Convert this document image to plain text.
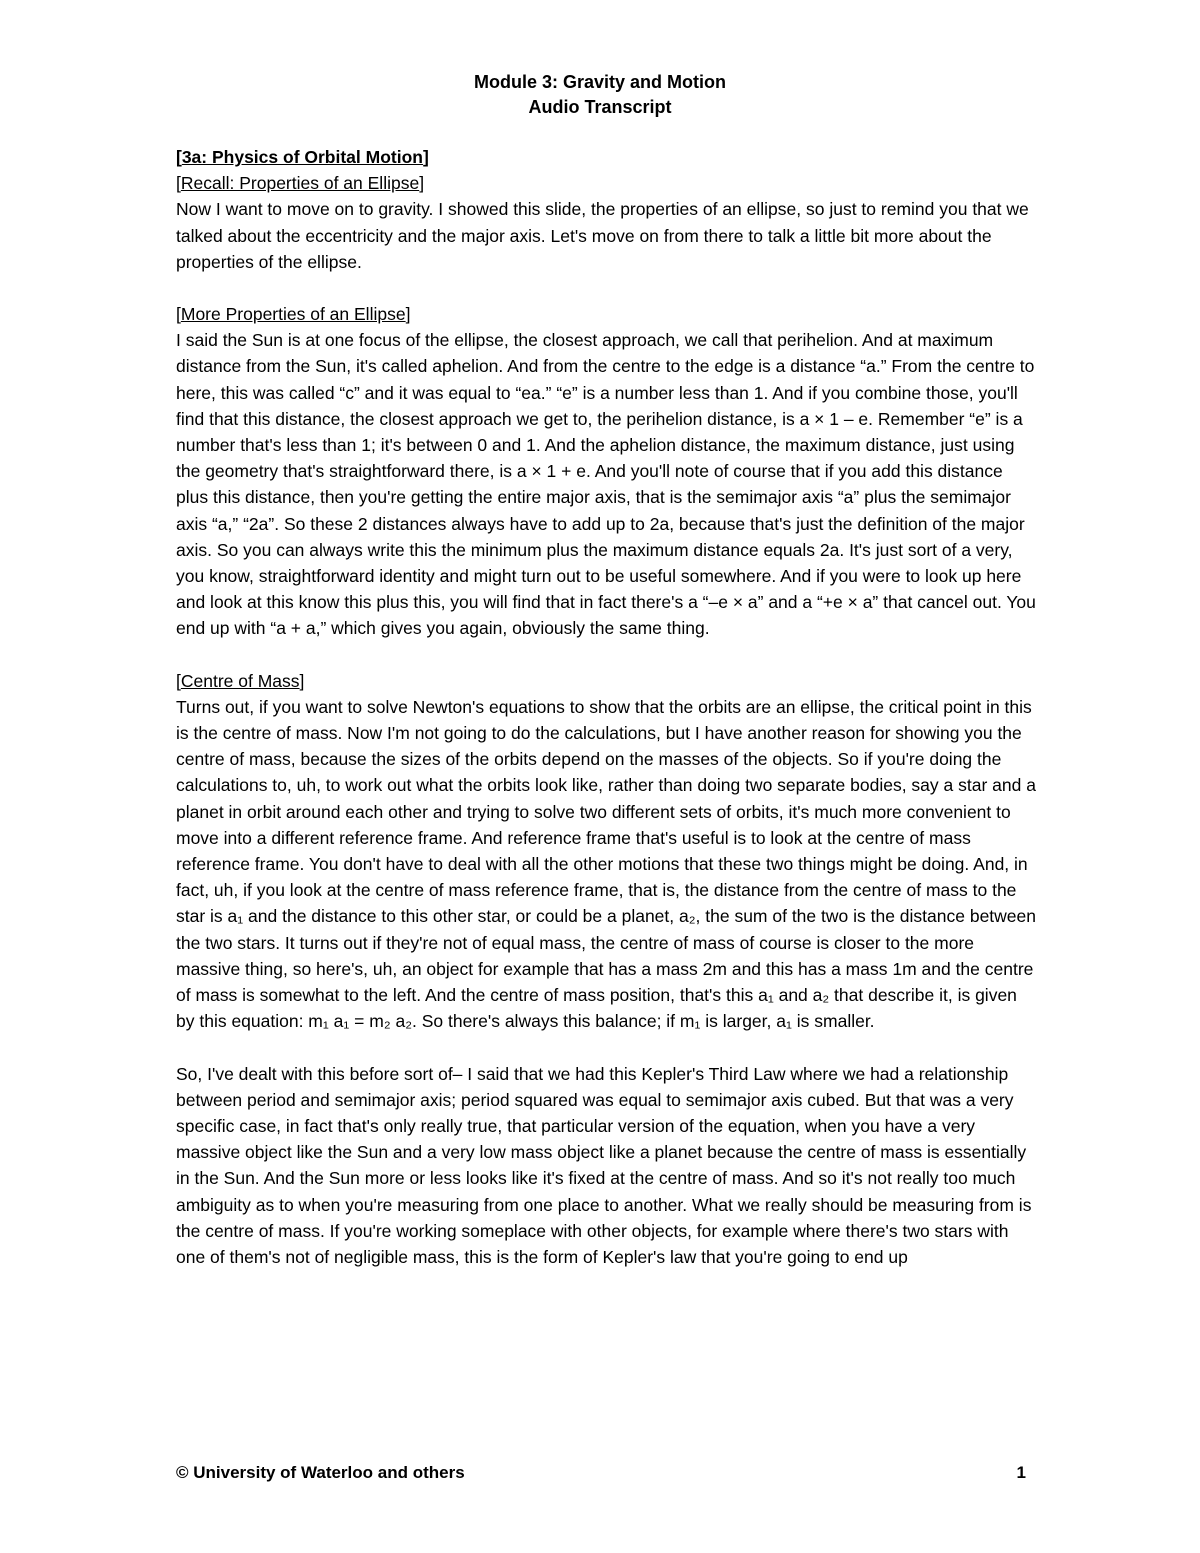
Module 3: Gravity and Motion
Audio Transcript

[3a: Physics of Orbital Motion]

[Recall: Properties of an Ellipse]

Now I want to move on to gravity. I showed this slide, the properties of an ellipse, so just to remind you that we talked about the eccentricity and the major axis. Let's move on from there to talk a little bit more about the properties of the ellipse.

[More Properties of an Ellipse]

I said the Sun is at one focus of the ellipse, the closest approach, we call that perihelion. And at maximum distance from the Sun, it's called aphelion. And from the centre to the edge is a distance “a.” From the centre to here, this was called “c” and it was equal to “ea.” “e” is a number less than 1. And if you combine those, you'll find that this distance, the closest approach we get to, the perihelion distance, is a × 1 – e. Remember “e” is a number that's less than 1; it's between 0 and 1. And the aphelion distance, the maximum distance, just using the geometry that's straightforward there, is a × 1 + e. And you'll note of course that if you add this distance plus this distance, then you're getting the entire major axis, that is the semimajor axis “a” plus the semimajor axis “a,” “2a”. So these 2 distances always have to add up to 2a, because that's just the definition of the major axis. So you can always write this the minimum plus the maximum distance equals 2a. It's just sort of a very, you know, straightforward identity and might turn out to be useful somewhere. And if you were to look up here and look at this know this plus this, you will find that in fact there's a “–e × a” and a “+e × a” that cancel out. You end up with “a + a,” which gives you again, obviously the same thing.

[Centre of Mass]

Turns out, if you want to solve Newton's equations to show that the orbits are an ellipse, the critical point in this is the centre of mass. Now I'm not going to do the calculations, but I have another reason for showing you the centre of mass, because the sizes of the orbits depend on the masses of the objects. So if you're doing the calculations to, uh, to work out what the orbits look like, rather than doing two separate bodies, say a star and a planet in orbit around each other and trying to solve two different sets of orbits, it's much more convenient to move into a different reference frame. And reference frame that's useful is to look at the centre of mass reference frame. You don't have to deal with all the other motions that these two things might be doing. And, in fact, uh, if you look at the centre of mass reference frame, that is, the distance from the centre of mass to the star is a₁ and the distance to this other star, or could be a planet, a₂, the sum of the two is the distance between the two stars. It turns out if they're not of equal mass, the centre of mass of course is closer to the more massive thing, so here's, uh, an object for example that has a mass 2m and this has a mass 1m and the centre of mass is somewhat to the left. And the centre of mass position, that's this a₁ and a₂ that describe it, is given by this equation: m₁ a₁ = m₂ a₂. So there's always this balance; if m₁ is larger, a₁ is smaller.

So, I've dealt with this before sort of– I said that we had this Kepler's Third Law where we had a relationship between period and semimajor axis; period squared was equal to semimajor axis cubed. But that was a very specific case, in fact that's only really true, that particular version of the equation, when you have a very massive object like the Sun and a very low mass object like a planet because the centre of mass is essentially in the Sun. And the Sun more or less looks like it's fixed at the centre of mass. And so it's not really too much ambiguity as to when you're measuring from one place to another. What we really should be measuring from is the centre of mass. If you're working someplace with other objects, for example where there's two stars with one of them's not of negligible mass, this is the form of Kepler's law that you're going to end up

© University of Waterloo and others	1
